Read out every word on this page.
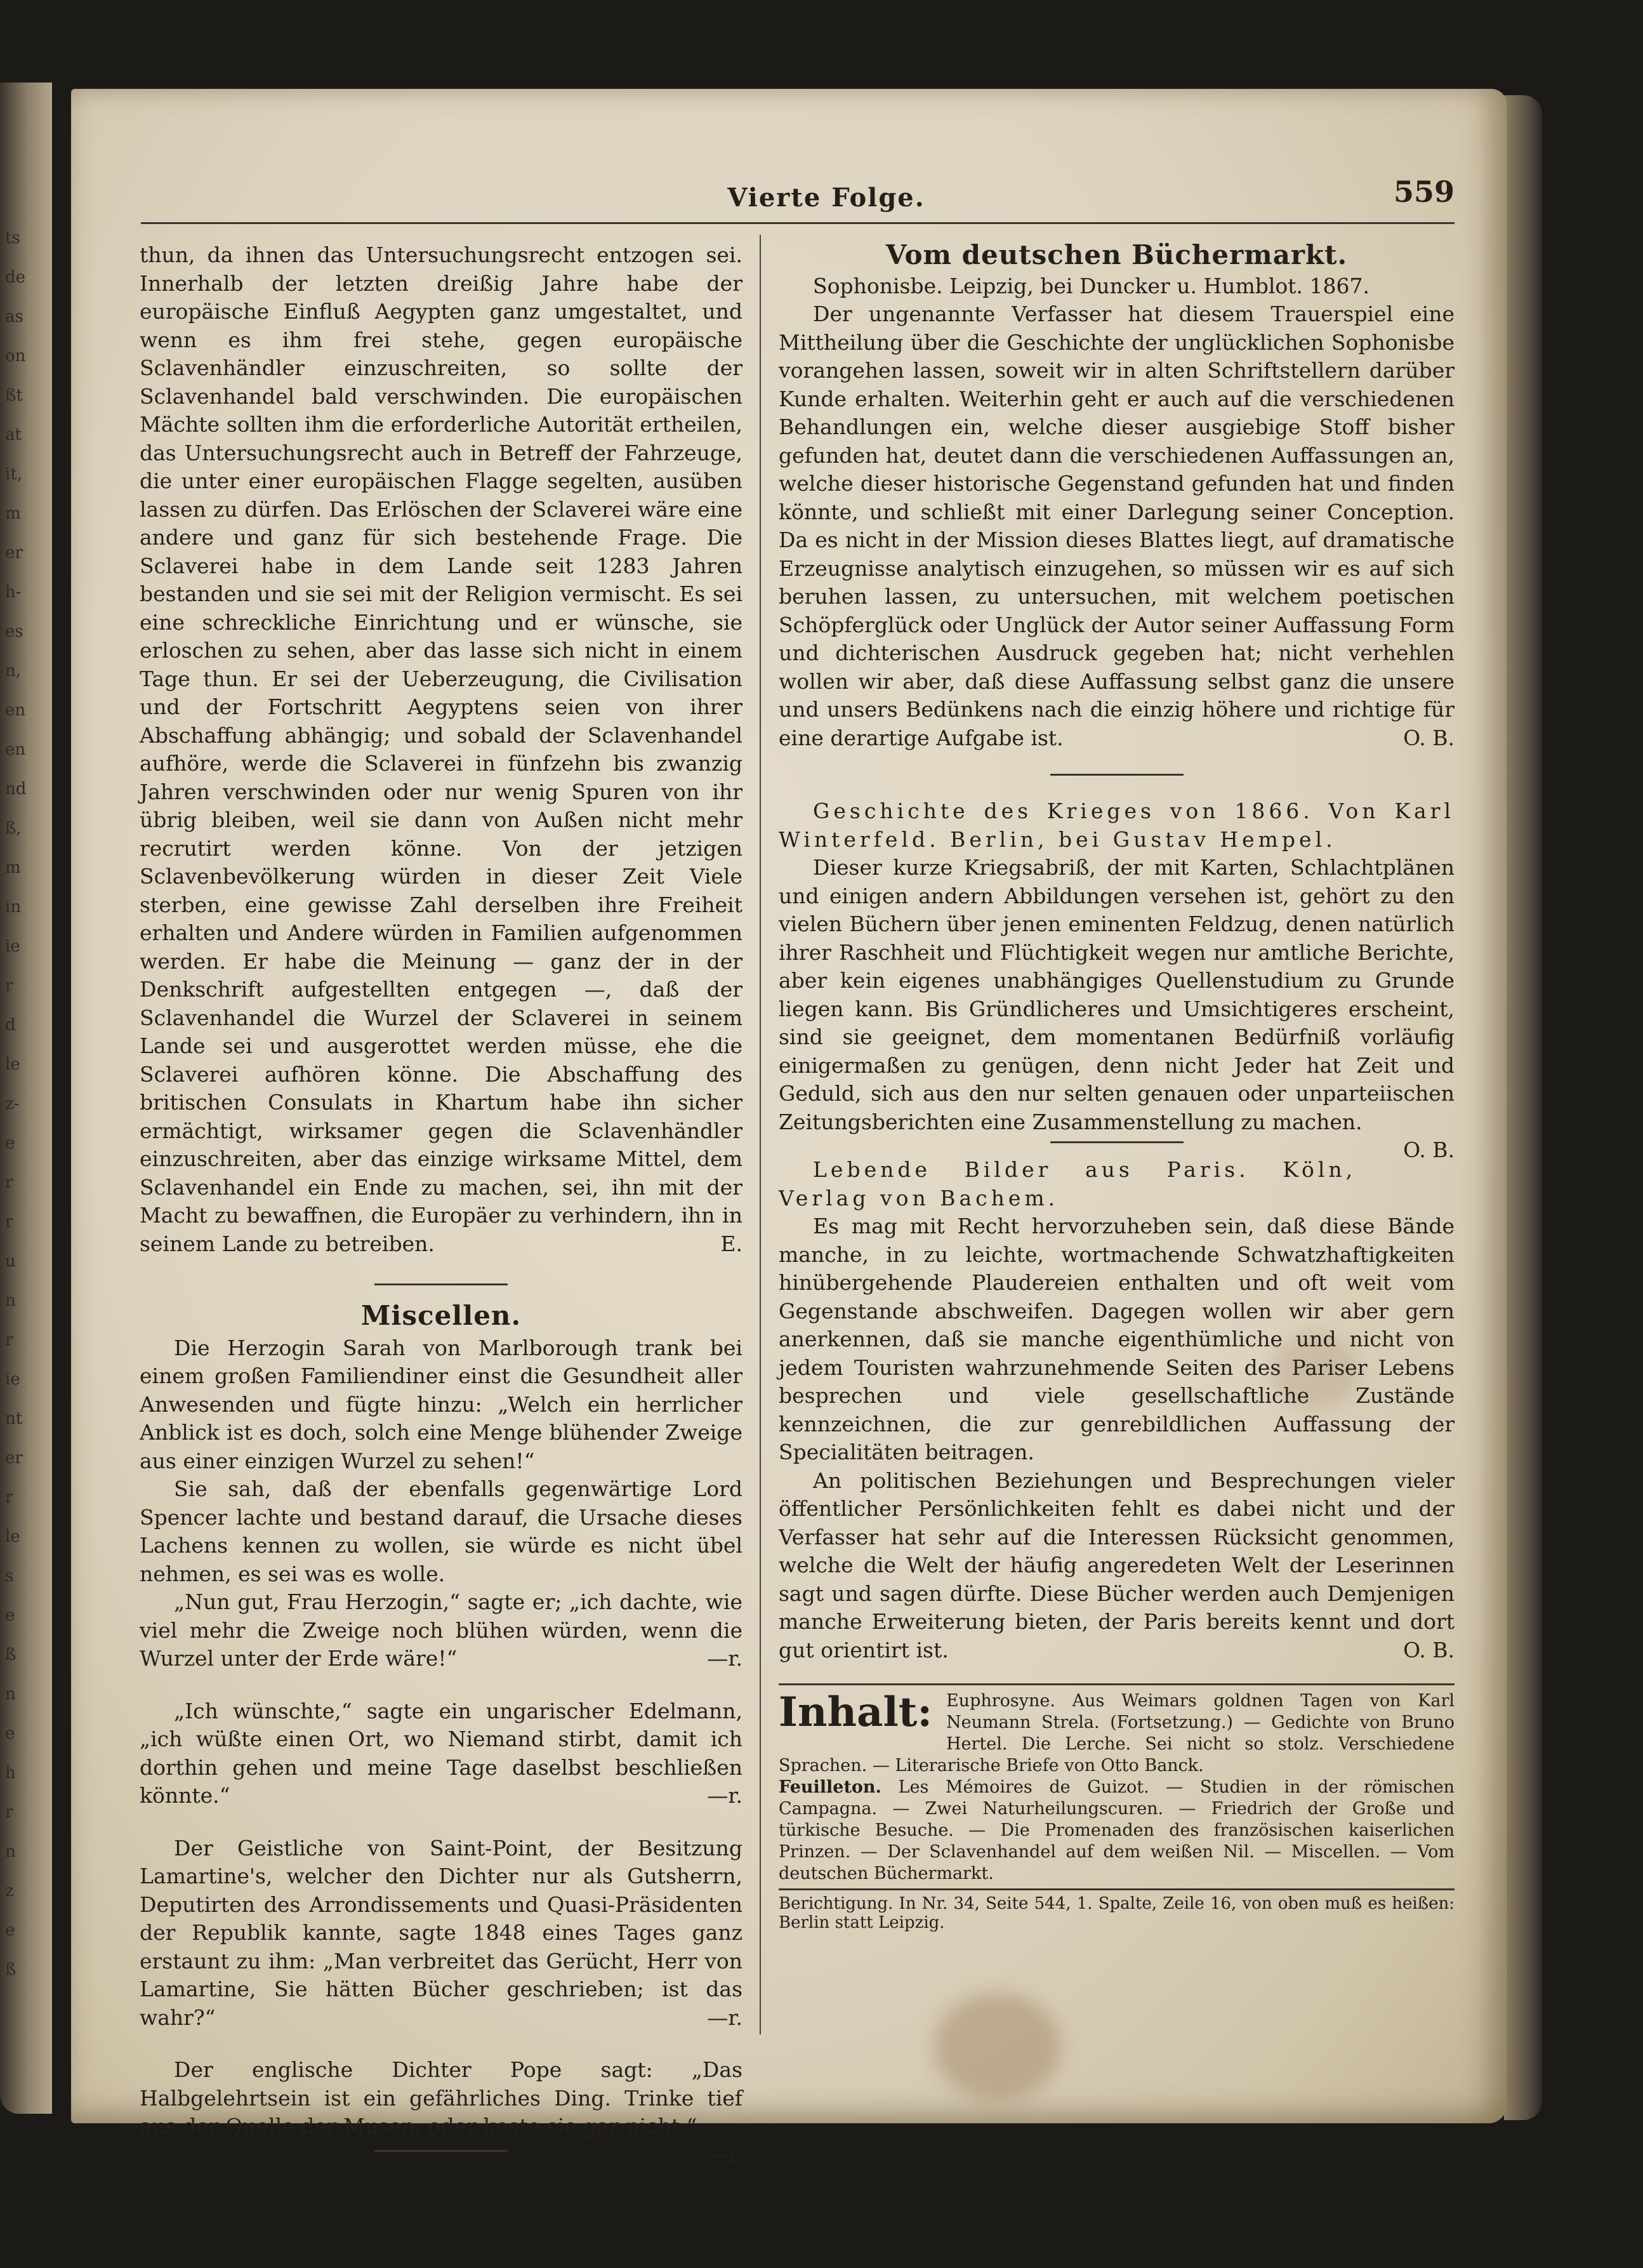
ts
de
as
on
ßt
at
it,
m
er
h-
es
n,
en
en
nd
ß,
m
in
ie
r
d
le
z-
e
r
r
u
n
r
ie
nt
er
r
le
s
e
ß
n
e
h
r
n
z
e
ß
Vierte Folge.	559

thun, da ihnen das Untersuchungsrecht entzogen sei. Innerhalb der letzten dreißig Jahre habe der europäische Einfluß Aegypten ganz umgestaltet, und wenn es ihm frei stehe, gegen europäische Sclavenhändler einzuschreiten, so sollte der Sclavenhandel bald verschwinden. Die europäischen Mächte sollten ihm die erforderliche Autorität ertheilen, das Untersuchungsrecht auch in Betreff der Fahrzeuge, die unter einer europäischen Flagge segelten, ausüben lassen zu dürfen. Das Erlöschen der Sclaverei wäre eine andere und ganz für sich bestehende Frage. Die Sclaverei habe in dem Lande seit 1283 Jahren bestanden und sie sei mit der Religion vermischt. Es sei eine schreckliche Einrichtung und er wünsche, sie erloschen zu sehen, aber das lasse sich nicht in einem Tage thun. Er sei der Ueberzeugung, die Civilisation und der Fortschritt Aegyptens seien von ihrer Abschaffung abhängig; und sobald der Sclavenhandel aufhöre, werde die Sclaverei in fünfzehn bis zwanzig Jahren verschwinden oder nur wenig Spuren von ihr übrig bleiben, weil sie dann von Außen nicht mehr recrutirt werden könne. Von der jetzigen Sclavenbevölkerung würden in dieser Zeit Viele sterben, eine gewisse Zahl derselben ihre Freiheit erhalten und Andere würden in Familien aufgenommen werden. Er habe die Meinung — ganz der in der Denkschrift aufgestellten entgegen —, daß der Sclavenhandel die Wurzel der Sclaverei in seinem Lande sei und ausgerottet werden müsse, ehe die Sclaverei aufhören könne. Die Abschaffung des britischen Consulats in Khartum habe ihn sicher ermächtigt, wirksamer gegen die Sclavenhändler einzuschreiten, aber das einzige wirksame Mittel, dem Sclavenhandel ein Ende zu machen, sei, ihn mit der Macht zu bewaffnen, die Europäer zu verhindern, ihn in seinem Lande zu betreiben.	E.

Miscellen.

Die Herzogin Sarah von Marlborough trank bei einem großen Familiendiner einst die Gesundheit aller Anwesenden und fügte hinzu: „Welch ein herrlicher Anblick ist es doch, solch eine Menge blühender Zweige aus einer einzigen Wurzel zu sehen!“

Sie sah, daß der ebenfalls gegenwärtige Lord Spencer lachte und bestand darauf, die Ursache dieses Lachens kennen zu wollen, sie würde es nicht übel nehmen, es sei was es wolle.

„Nun gut, Frau Herzogin,“ sagte er; „ich dachte, wie viel mehr die Zweige noch blühen würden, wenn die Wurzel unter der Erde wäre!“	—r.

„Ich wünschte,“ sagte ein ungarischer Edelmann, „ich wüßte einen Ort, wo Niemand stirbt, damit ich dorthin gehen und meine Tage daselbst beschließen könnte.“	—r.

Der Geistliche von Saint-Point, der Besitzung Lamartine's, welcher den Dichter nur als Gutsherrn, Deputirten des Arrondissements und Quasi-Präsidenten der Republik kannte, sagte 1848 eines Tages ganz erstaunt zu ihm: „Man verbreitet das Gerücht, Herr von Lamartine, Sie hätten Bücher geschrieben; ist das wahr?“	—r.

Der englische Dichter Pope sagt: „Das Halbgelehrtsein ist ein gefährliches Ding. Trinke tief aus der Quelle der Musen, oder koste sie gar nicht.“
—r.

Vom deutschen Büchermarkt.

Sophonisbe. Leipzig, bei Duncker u. Humblot. 1867.

Der ungenannte Verfasser hat diesem Trauerspiel eine Mittheilung über die Geschichte der unglücklichen Sophonisbe vorangehen lassen, soweit wir in alten Schriftstellern darüber Kunde erhalten. Weiterhin geht er auch auf die verschiedenen Behandlungen ein, welche dieser ausgiebige Stoff bisher gefunden hat, deutet dann die verschiedenen Auffassungen an, welche dieser historische Gegenstand gefunden hat und finden könnte, und schließt mit einer Darlegung seiner Conception. Da es nicht in der Mission dieses Blattes liegt, auf dramatische Erzeugnisse analytisch einzugehen, so müssen wir es auf sich beruhen lassen, zu untersuchen, mit welchem poetischen Schöpferglück oder Unglück der Autor seiner Auffassung Form und dichterischen Ausdruck gegeben hat; nicht verhehlen wollen wir aber, daß diese Auffassung selbst ganz die unsere und unsers Bedünkens nach die einzig höhere und richtige für eine derartige Aufgabe ist.	O. B.

Geschichte des Krieges von 1866. Von Karl Winterfeld. Berlin, bei Gustav Hempel.

Dieser kurze Kriegsabriß, der mit Karten, Schlachtplänen und einigen andern Abbildungen versehen ist, gehört zu den vielen Büchern über jenen eminenten Feldzug, denen natürlich ihrer Raschheit und Flüchtigkeit wegen nur amtliche Berichte, aber kein eigenes unabhängiges Quellenstudium zu Grunde liegen kann. Bis Gründlicheres und Umsichtigeres erscheint, sind sie geeignet, dem momentanen Bedürfniß vorläufig einigermaßen zu genügen, denn nicht Jeder hat Zeit und Geduld, sich aus den nur selten genauen oder unparteiischen Zeitungsberichten eine Zusammenstellung zu machen.
O. B.

Lebende Bilder aus Paris. Köln, Verlag von Bachem.

Es mag mit Recht hervorzuheben sein, daß diese Bände manche, in zu leichte, wortmachende Schwatzhaftigkeiten hinübergehende Plaudereien enthalten und oft weit vom Gegenstande abschweifen. Dagegen wollen wir aber gern anerkennen, daß sie manche eigenthümliche und nicht von jedem Touristen wahrzunehmende Seiten des Pariser Lebens besprechen und viele gesellschaftliche Zustände kennzeichnen, die zur genrebildlichen Auffassung der Specialitäten beitragen.

An politischen Beziehungen und Besprechungen vieler öffentlicher Persönlichkeiten fehlt es dabei nicht und der Verfasser hat sehr auf die Interessen Rücksicht genommen, welche die Welt der häufig angeredeten Welt der Leserinnen sagt und sagen dürfte. Diese Bücher werden auch Demjenigen manche Erweiterung bieten, der Paris bereits kennt und dort gut orientirt ist.	O. B.

Inhalt: Euphrosyne. Aus Weimars goldnen Tagen von Karl Neumann Strela. (Fortsetzung.) — Gedichte von Bruno Hertel. Die Lerche. Sei nicht so stolz. Verschiedene Sprachen. — Literarische Briefe von Otto Banck.
Feuilleton. Les Mémoires de Guizot. — Studien in der römischen Campagna. — Zwei Naturheilungscuren. — Friedrich der Große und türkische Besuche. — Die Promenaden des französischen kaiserlichen Prinzen. — Der Sclavenhandel auf dem weißen Nil. — Miscellen. — Vom deutschen Büchermarkt.
Berichtigung. In Nr. 34, Seite 544, 1. Spalte, Zeile 16, von oben muß es heißen: Berlin statt Leipzig.
